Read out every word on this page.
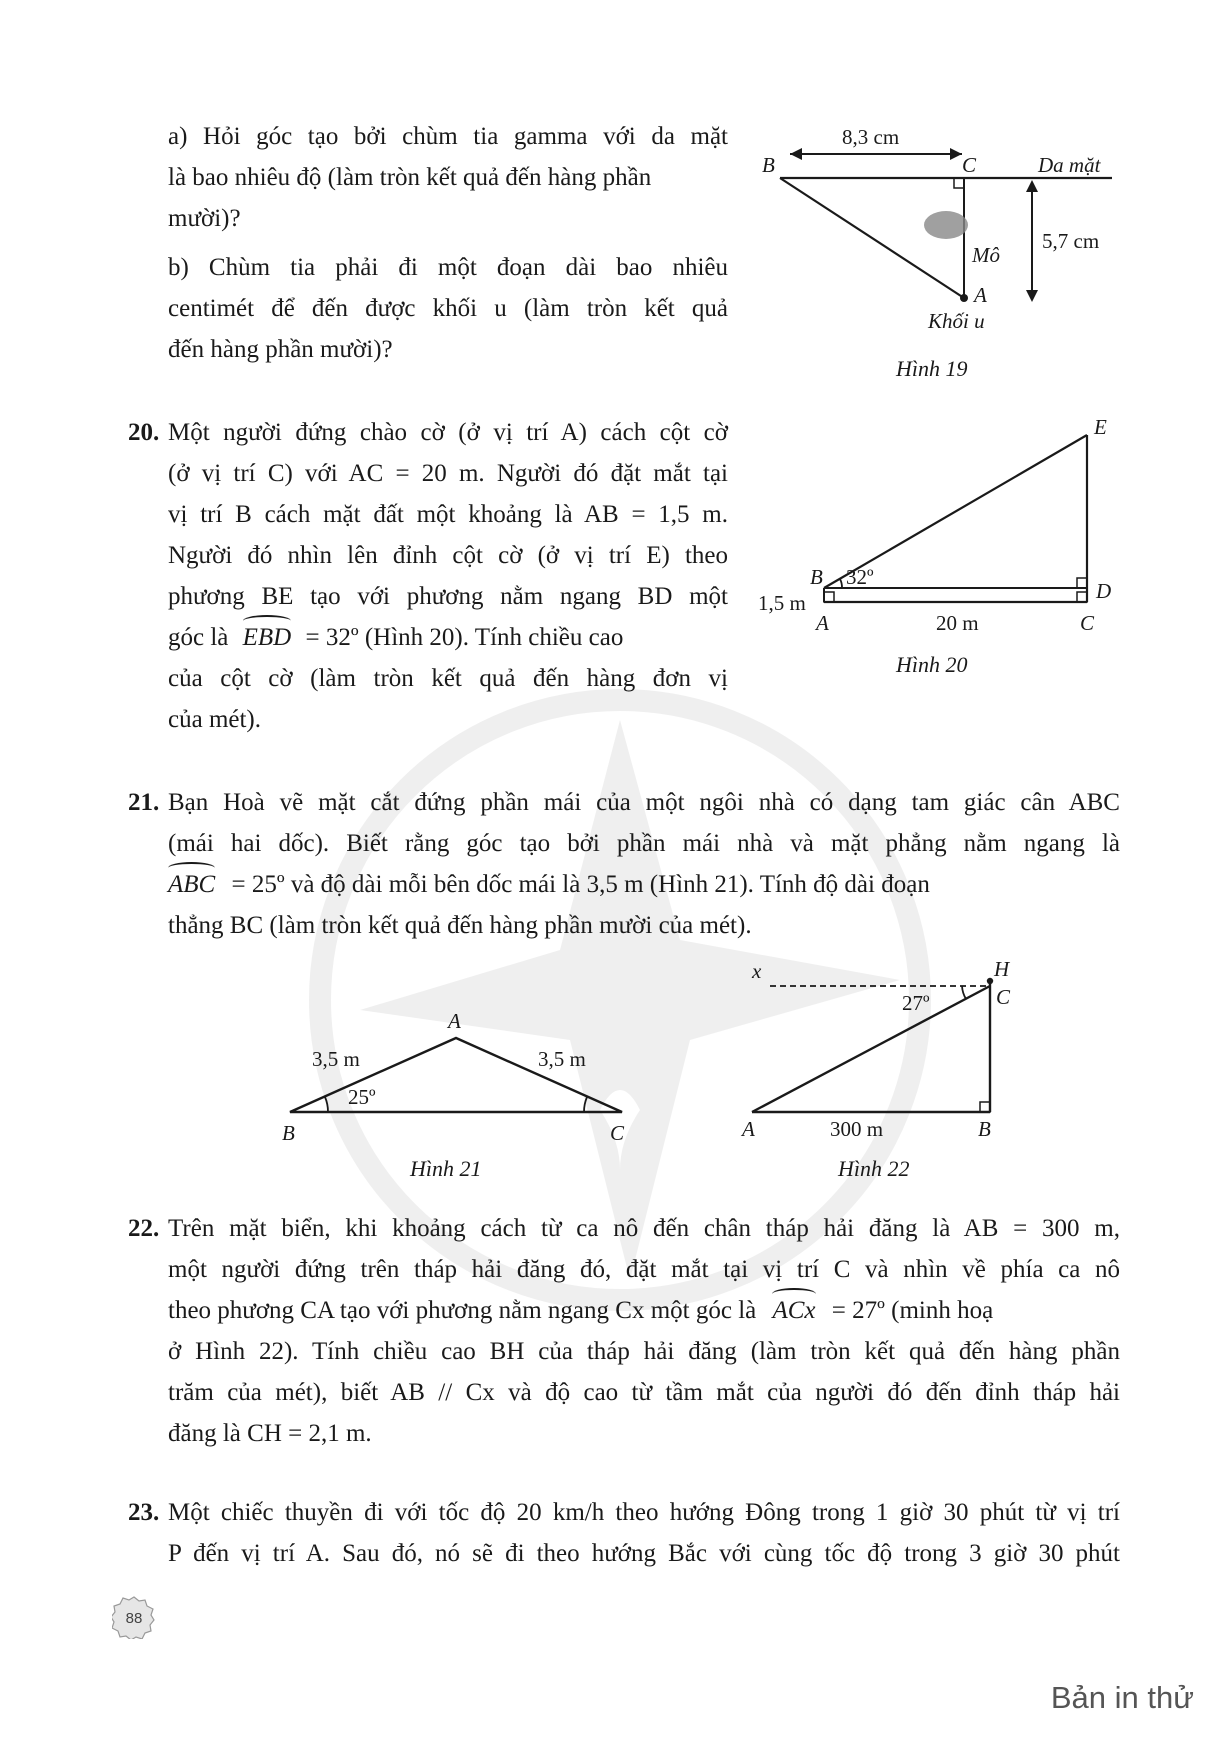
a) Hỏi góc tạo bởi chùm tia gamma với da mặt

là bao nhiêu độ (làm tròn kết quả đến hàng phần

mười)?

b) Chùm tia phải đi một đoạn dài bao nhiêu

centimét để đến được khối u (làm tròn kết quả

đến hàng phần mười)?

8,3 cm
B	C	Da mặt
5,7 cm
Mô
A
Khối u
Hình 19
20. Một người đứng chào cờ (ở vị trí A) cách cột cờ

(ở vị trí C) với AC = 20 m. Người đó đặt mắt tại

vị trí B cách mặt đất một khoảng là AB = 1,5 m.

Người đó nhìn lên đỉnh cột cờ (ở vị trí E) theo

phương BE tạo với phương nằm ngang BD một

góc là EBD = 32º (Hình 20). Tính chiều cao

của cột cờ (làm tròn kết quả đến hàng đơn vị

của mét).

E
B 32º
D
1,5 m
A	20 m	C
Hình 20
21. Bạn Hoà vẽ mặt cắt đứng phần mái của một ngôi nhà có dạng tam giác cân ABC

(mái hai dốc). Biết rằng góc tạo bởi phần mái nhà và mặt phẳng nằm ngang là

ABC = 25º và độ dài mỗi bên dốc mái là 3,5 m (Hình 21). Tính độ dài đoạn

thẳng BC (làm tròn kết quả đến hàng phần mười của mét).

A
3,5 m	3,5 m
25º
B	C
Hình 21
x	H
C
27º
A	300 m	B
Hình 22
22. Trên mặt biển, khi khoảng cách từ ca nô đến chân tháp hải đăng là AB = 300 m,

một người đứng trên tháp hải đăng đó, đặt mắt tại vị trí C và nhìn về phía ca nô

theo phương CA tạo với phương nằm ngang Cx một góc là ACx = 27º (minh hoạ

ở Hình 22). Tính chiều cao BH của tháp hải đăng (làm tròn kết quả đến hàng phần

trăm của mét), biết AB // Cx và độ cao từ tầm mắt của người đó đến đỉnh tháp hải

đăng là CH = 2,1 m.

23. Một chiếc thuyền đi với tốc độ 20 km/h theo hướng Đông trong 1 giờ 30 phút từ vị trí

P đến vị trí A. Sau đó, nó sẽ đi theo hướng Bắc với cùng tốc độ trong 3 giờ 30 phút

88
Bản in thử
